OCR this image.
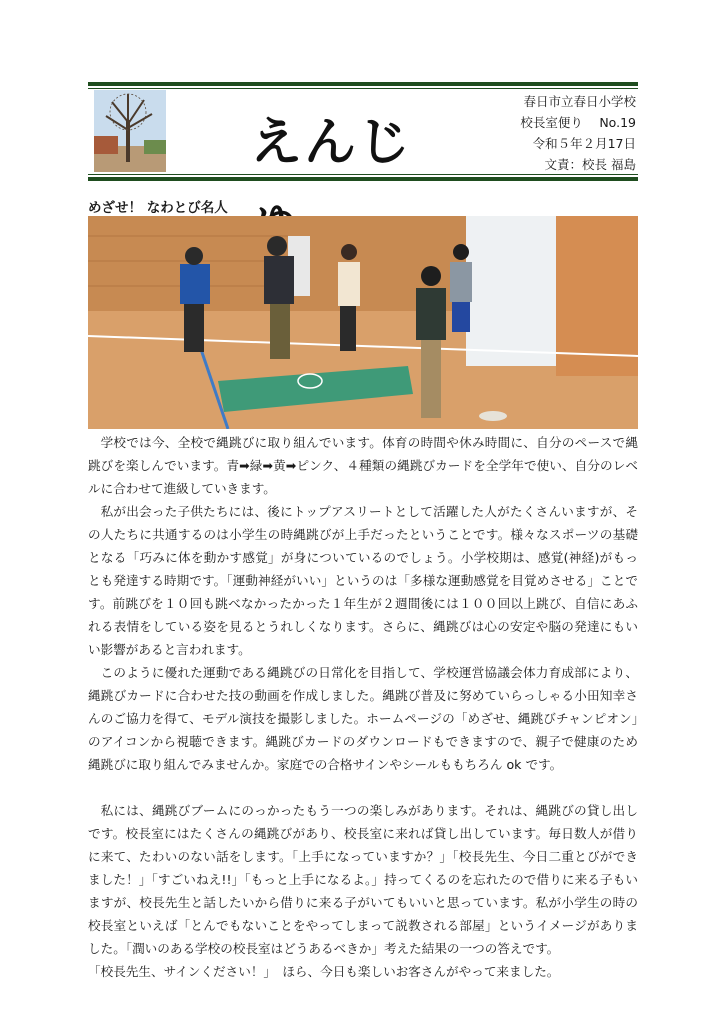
えんじ
春日市立春日小学校
校長室便り　 No.19
令和５年２月17日
文責：校長 福島
めざせ！ なわとび名人

学校では今、全校で縄跳びに取り組んでいます。体育の時間や休み時間に、自分のペースで縄跳びを楽しんでいます。青➡緑➡黄➡ピンク、４種類の縄跳びカードを全学年で使い、自分のレベルに合わせて進級していきます。

私が出会った子供たちには、後にトップアスリートとして活躍した人がたくさんいますが、その人たちに共通するのは小学生の時縄跳びが上手だったということです。様々なスポーツの基礎となる「巧みに体を動かす感覚」が身についているのでしょう。小学校期は、感覚(神経)がもっとも発達する時期です。「運動神経がいい」というのは「多様な運動感覚を目覚めさせる」ことです。前跳びを１０回も跳べなかったかった１年生が２週間後には１００回以上跳び、自信にあふれる表情をしている姿を見るとうれしくなります。さらに、縄跳びは心の安定や脳の発達にもいい影響があると言われます。

このように優れた運動である縄跳びの日常化を目指して、学校運営協議会体力育成部により、縄跳びカードに合わせた技の動画を作成しました。縄跳び普及に努めていらっしゃる小田知幸さんのご協力を得て、モデル演技を撮影しました。ホームページの「めざせ、縄跳びチャンピオン」のアイコンから視聴できます。縄跳びカードのダウンロードもできますので、親子で健康のため縄跳びに取り組んでみませんか。家庭での合格サインやシールももちろん ok です。

私には、縄跳びブームにのっかったもう一つの楽しみがあります。それは、縄跳びの貸し出しです。校長室にはたくさんの縄跳びがあり、校長室に来れば貸し出しています。毎日数人が借りに来て、たわいのない話をします。「上手になっていますか？」「校長先生、今日二重とびができました！」「すごいねえ!!」「もっと上手になるよ。」持ってくるのを忘れたので借りに来る子もいますが、校長先生と話したいから借りに来る子がいてもいいと思っています。私が小学生の時の校長室といえば「とんでもないことをやってしまって説教される部屋」というイメージがありました。「潤いのある学校の校長室はどうあるべきか」考えた結果の一つの答えです。

「校長先生、サインください！」　ほら、今日も楽しいお客さんがやって来ました。
